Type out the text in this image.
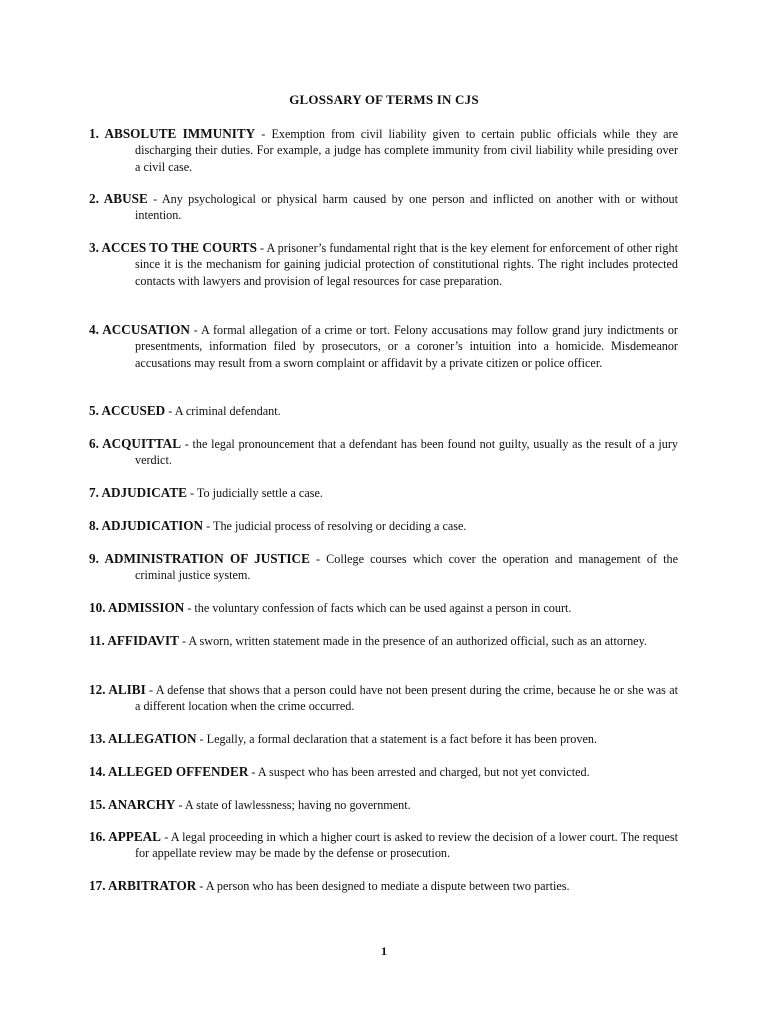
GLOSSARY OF TERMS IN CJS
1. ABSOLUTE IMMUNITY - Exemption from civil liability given to certain public officials while they are discharging their duties. For example, a judge has complete immunity from civil liability while presiding over a civil case.
2. ABUSE - Any psychological or physical harm caused by one person and inflicted on another with or without intention.
3. ACCES TO THE COURTS - A prisoner’s fundamental right that is the key element for enforcement of other right since it is the mechanism for gaining judicial protection of constitutional rights. The right includes protected contacts with lawyers and provision of legal resources for case preparation.
4. ACCUSATION - A formal allegation of a crime or tort. Felony accusations may follow grand jury indictments or presentments, information filed by prosecutors, or a coroner’s intuition into a homicide. Misdemeanor accusations may result from a sworn complaint or affidavit by a private citizen or police officer.
5. ACCUSED - A criminal defendant.
6. ACQUITTAL - the legal pronouncement that a defendant has been found not guilty, usually as the result of a jury verdict.
7. ADJUDICATE - To judicially settle a case.
8. ADJUDICATION - The judicial process of resolving or deciding a case.
9. ADMINISTRATION OF JUSTICE - College courses which cover the operation and management of the criminal justice system.
10. ADMISSION - the voluntary confession of facts which can be used against a person in court.
11. AFFIDAVIT - A sworn, written statement made in the presence of an authorized official, such as an attorney.
12. ALIBI - A defense that shows that a person could have not been present during the crime, because he or she was at a different location when the crime occurred.
13. ALLEGATION - Legally, a formal declaration that a statement is a fact before it has been proven.
14. ALLEGED OFFENDER - A suspect who has been arrested and charged, but not yet convicted.
15. ANARCHY - A state of lawlessness; having no government.
16. APPEAL - A legal proceeding in which a higher court is asked to review the decision of a lower court. The request for appellate review may be made by the defense or prosecution.
17. ARBITRATOR - A person who has been designed to mediate a dispute between two parties.
1
